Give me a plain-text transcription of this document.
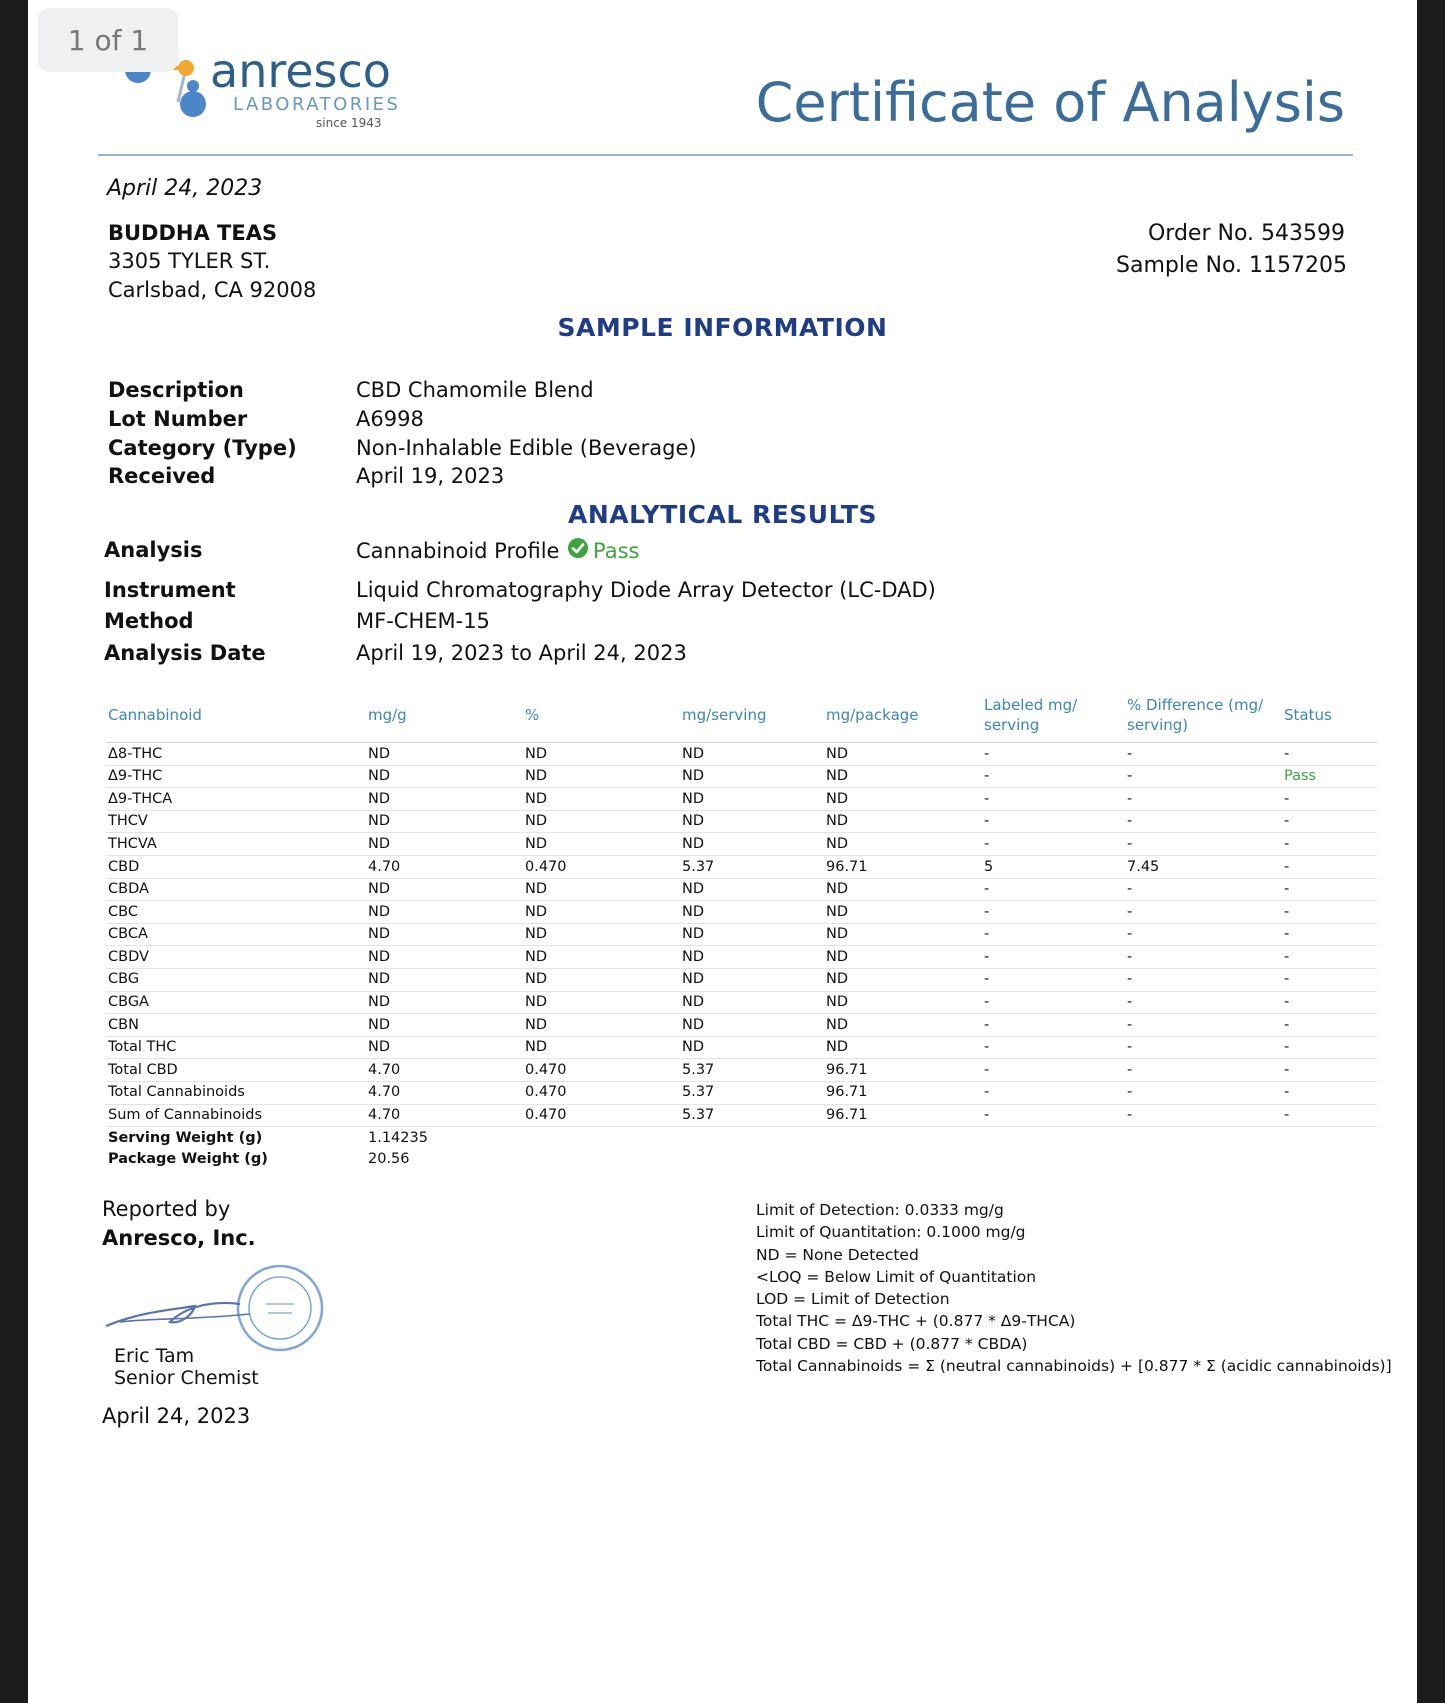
1 of 1
anresco
LABORATORIES
since 1943	Certificate of Analysis
April 24, 2023
BUDDHA TEAS
3305 TYLER ST.
Carlsbad, CA 92008
Order No. 543599
Sample No. 1157205
SAMPLE INFORMATION
Description	CBD Chamomile Blend
Lot Number	A6998
Category (Type)	Non-Inhalable Edible (Beverage)
Received	April 19, 2023
ANALYTICAL RESULTS
Analysis	Cannabinoid Profile Pass
Instrument	Liquid Chromatography Diode Array Detector (LC-DAD)
Method	MF-CHEM-15
Analysis Date	April 19, 2023 to April 24, 2023
Cannabinoid	mg/g	%	mg/serving	mg/package	Labeled mg/ serving	% Difference (mg/ serving)	Status
Δ8-THC	ND	ND	ND	ND	-	-	-
Δ9-THC	ND	ND	ND	ND	-	-	Pass
Δ9-THCA	ND	ND	ND	ND	-	-	-
THCV	ND	ND	ND	ND	-	-	-
THCVA	ND	ND	ND	ND	-	-	-
CBD	4.70	0.470	5.37	96.71	5	7.45	-
CBDA	ND	ND	ND	ND	-	-	-
CBC	ND	ND	ND	ND	-	-	-
CBCA	ND	ND	ND	ND	-	-	-
CBDV	ND	ND	ND	ND	-	-	-
CBG	ND	ND	ND	ND	-	-	-
CBGA	ND	ND	ND	ND	-	-	-
CBN	ND	ND	ND	ND	-	-	-
Total THC	ND	ND	ND	ND	-	-	-
Total CBD	4.70	0.470	5.37	96.71	-	-	-
Total Cannabinoids	4.70	0.470	5.37	96.71	-	-	-
Sum of Cannabinoids	4.70	0.470	5.37	96.71	-	-	-
Serving Weight (g)	1.14235						
Package Weight (g)	20.56						
Reported by
Anresco, Inc.
Eric Tam
Senior Chemist
April 24, 2023
Limit of Detection: 0.0333 mg/g
Limit of Quantitation: 0.1000 mg/g
ND = None Detected
<LOQ = Below Limit of Quantitation
LOD = Limit of Detection
Total THC = Δ9-THC + (0.877 * Δ9-THCA)
Total CBD = CBD + (0.877 * CBDA)
Total Cannabinoids = Σ (neutral cannabinoids) + [0.877 * Σ (acidic cannabinoids)]
